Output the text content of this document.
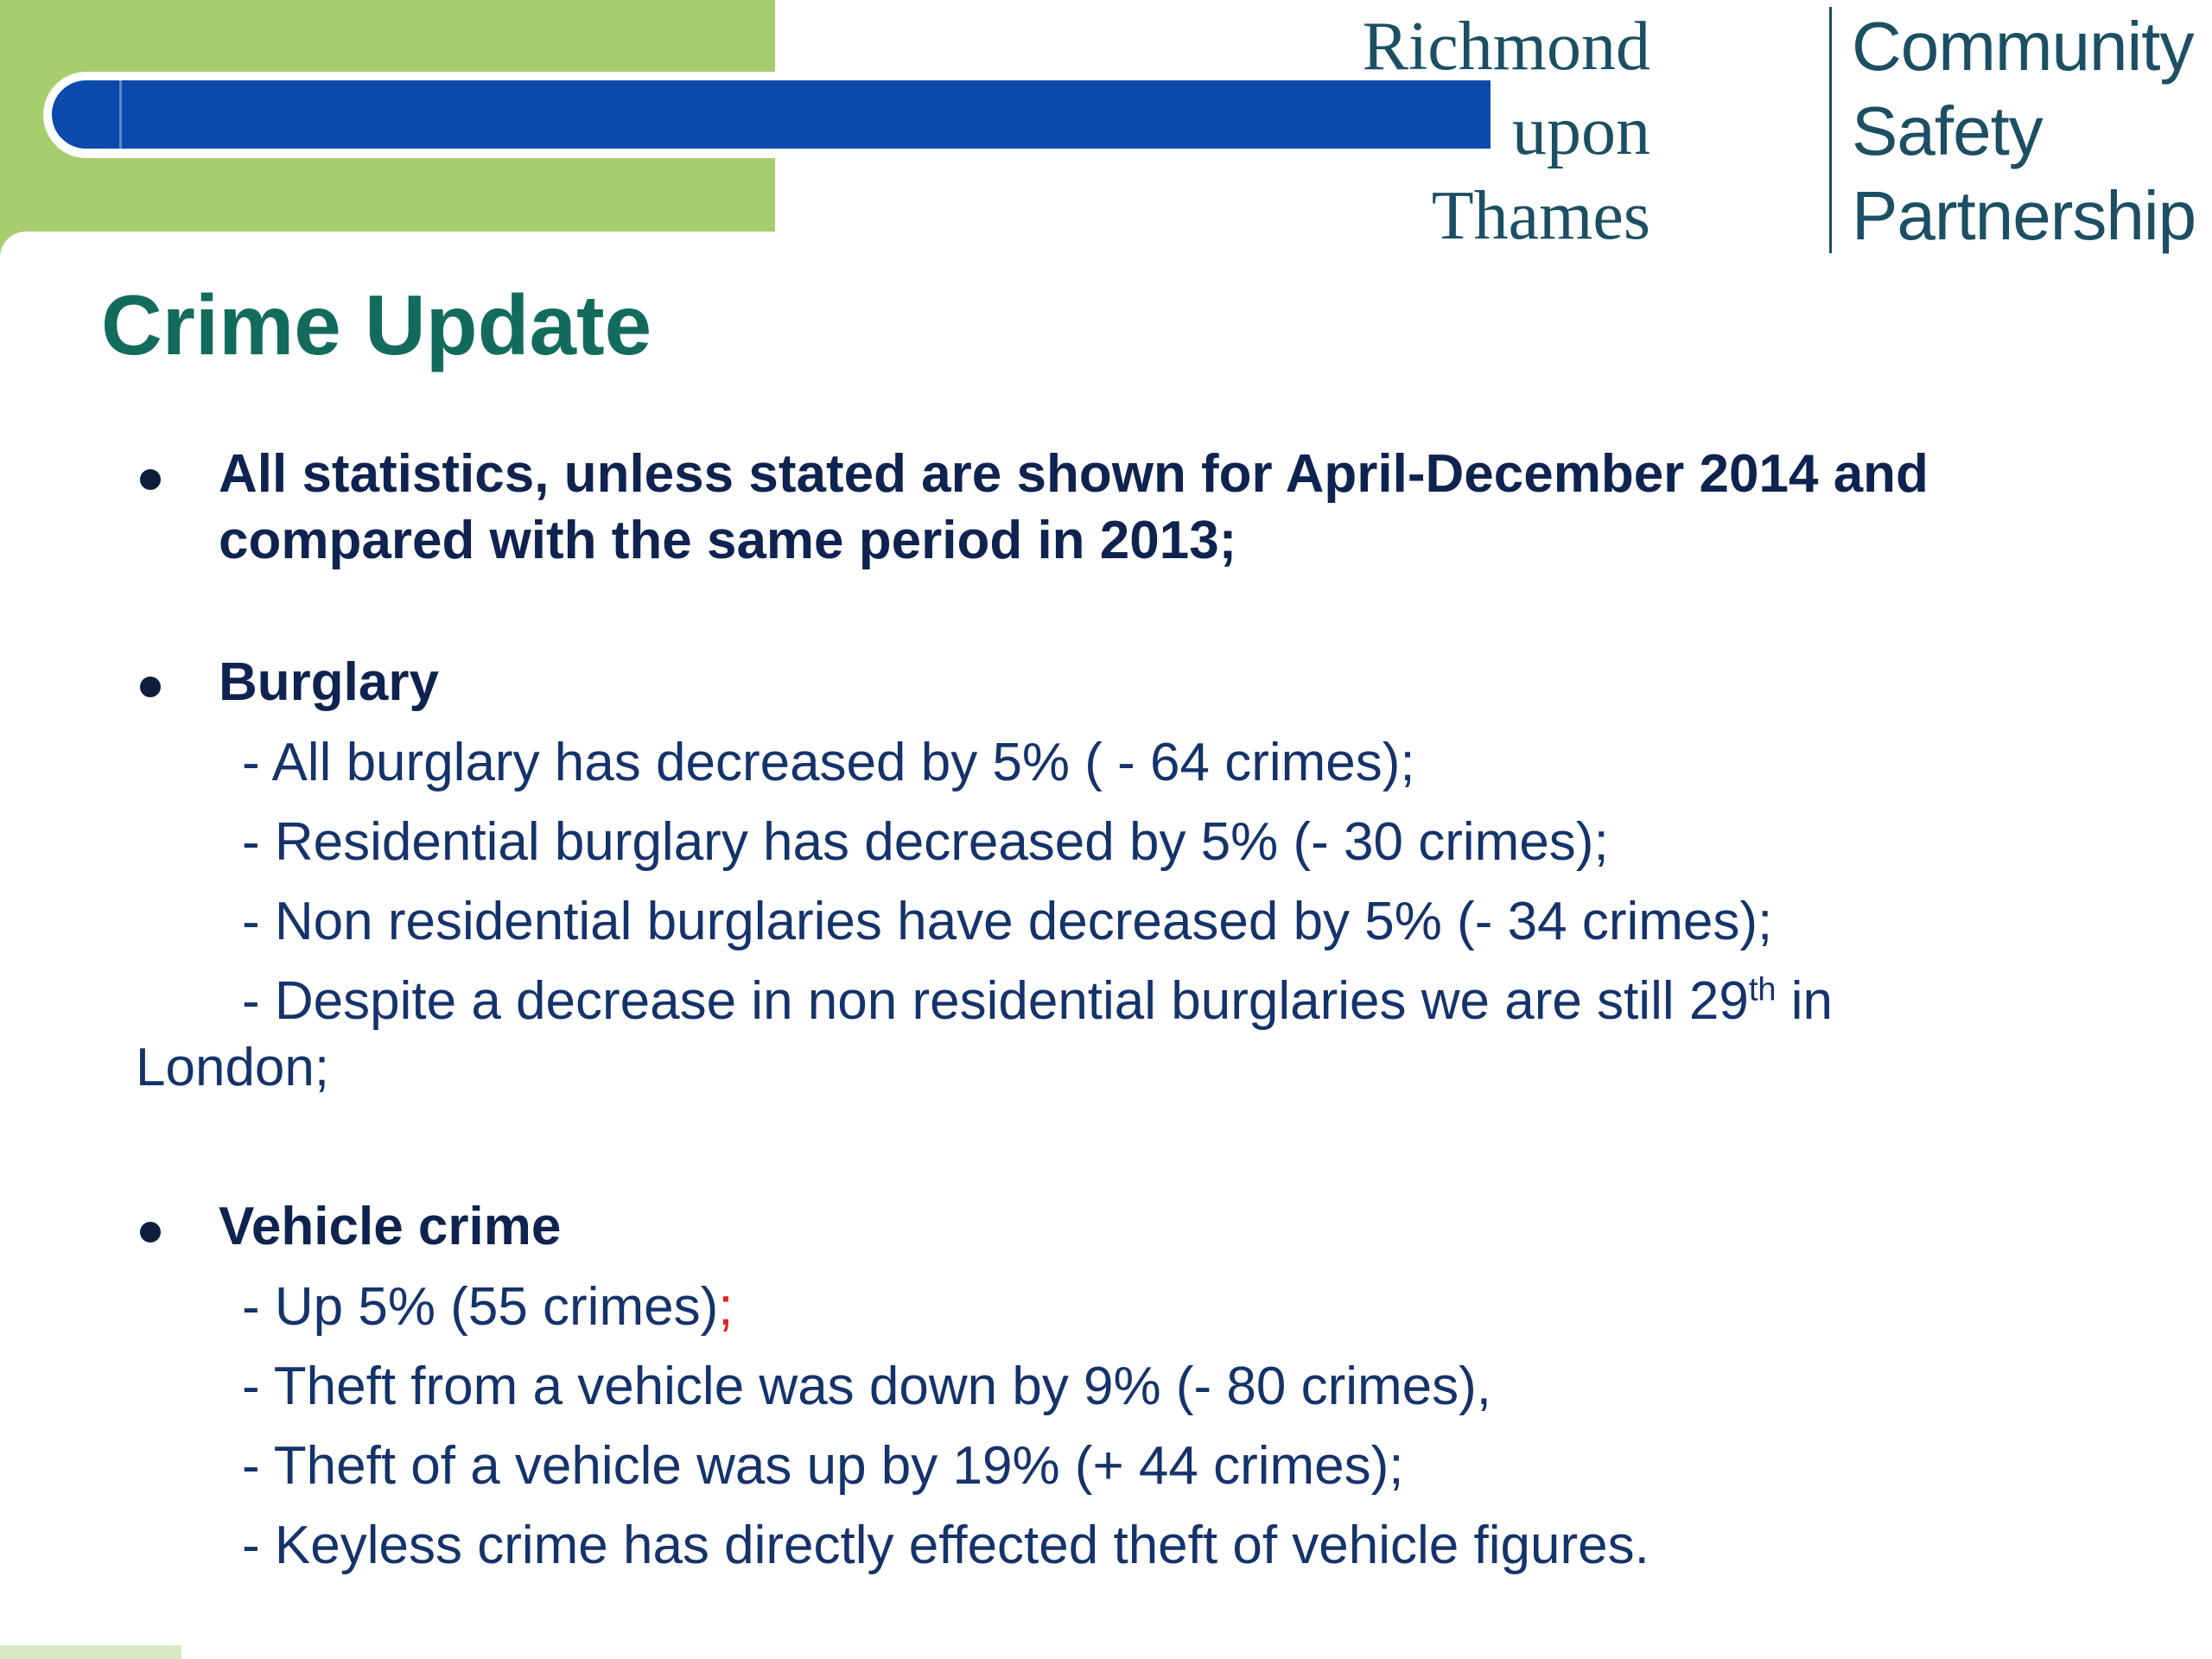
Richmond
upon
Thames
Community
Safety
Partnership
Crime Update
All statistics, unless stated are shown for April-December 2014 and
compared with the same period in 2013;
Burglary
- All burglary has decreased by 5% ( - 64 crimes);
- Residential burglary has decreased by 5% (- 30 crimes);
- Non residential burglaries have decreased by 5% (- 34 crimes);
- Despite a decrease in non residential burglaries we are still 29th in
London;
Vehicle crime
- Up 5% (55 crimes);
- Theft from a vehicle was down by 9% (- 80 crimes),
- Theft of a vehicle was up by 19% (+ 44 crimes);
- Keyless crime has directly effected theft of vehicle figures.
